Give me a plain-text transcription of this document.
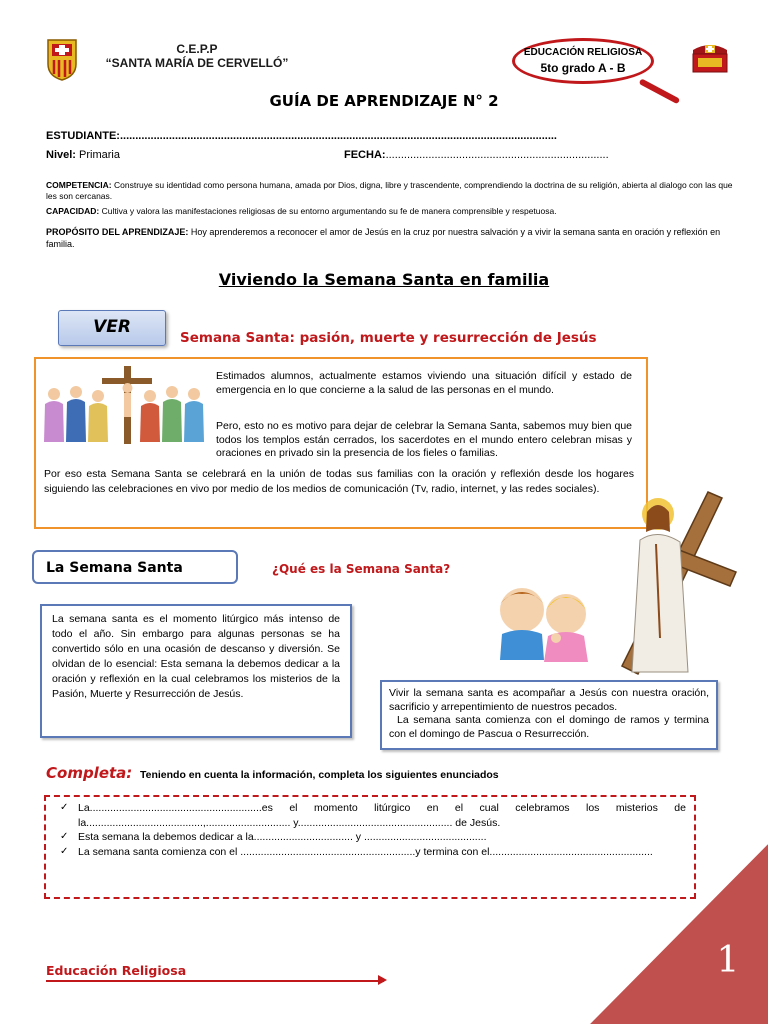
C.E.P.P
“SANTA MARÍA DE CERVELLÓ”
EDUCACIÓN RELIGIOSA
5to grado A - B
GUÍA DE APRENDIZAJE N° 2
ESTUDIANTE:...............................................................................................................................................
Nivel: Primaria	FECHA:.........................................................................
COMPETENCIA: Construye su identidad como persona humana, amada por Dios, digna, libre y trascendente, comprendiendo la doctrina de su religión, abierta al dialogo con las que les son cercanas.
CAPACIDAD: Cultiva y valora las manifestaciones religiosas de su entorno argumentando su fe de manera comprensible y respetuosa.
PROPÓSITO DEL APRENDIZAJE: Hoy aprenderemos a reconocer el amor de Jesús en la cruz por nuestra salvación y a vivir la semana santa en oración y reflexión en familia.
Viviendo la Semana Santa en familia
VER
Semana Santa: pasión, muerte y resurrección de Jesús

Estimados alumnos, actualmente estamos viviendo una situación difícil y estado de emergencia en lo que concierne a la salud de las personas en el mundo.

Pero, esto no es motivo para dejar de celebrar la Semana Santa, sabemos muy bien que todos los templos están cerrados, los sacerdotes en el mundo entero celebran misas y oraciones en privado sin la presencia de los fieles o familias.

Por eso esta Semana Santa se celebrará en la unión de todas sus familias con la oración y reflexión desde los hogares siguiendo las celebraciones en vivo por medio de los medios de comunicación (Tv, radio, internet, y las redes sociales).

La Semana Santa	¿Qué es la Semana Santa?

La semana santa es el momento litúrgico más intenso de todo el año. Sin embargo para algunas personas se ha convertido sólo en una ocasión de descanso y diversión. Se olvidan de lo esencial: Esta semana la debemos dedicar a la oración y reflexión en la cual celebramos los misterios de la Pasión, Muerte y Resurrección de Jesús.	Vivir la semana santa es acompañar a Jesús con nuestra oración, sacrificio y arrepentimiento de nuestros pecados.

La semana santa comienza con el domingo de ramos y termina con el domingo de Pascua o Resurrección.

Completa: Teniendo en cuenta la información, completa los siguientes enunciados
✓ La...........................................................es el momento litúrgico en el cual celebramos los misterios de la........................................,............................. y..................................................... de Jesús.
✓ Esta semana la debemos dedicar a la.................................. y ..........................................
✓ La semana santa comienza con el ............................................................y termina con el........................................................
Educación Religiosa	1
